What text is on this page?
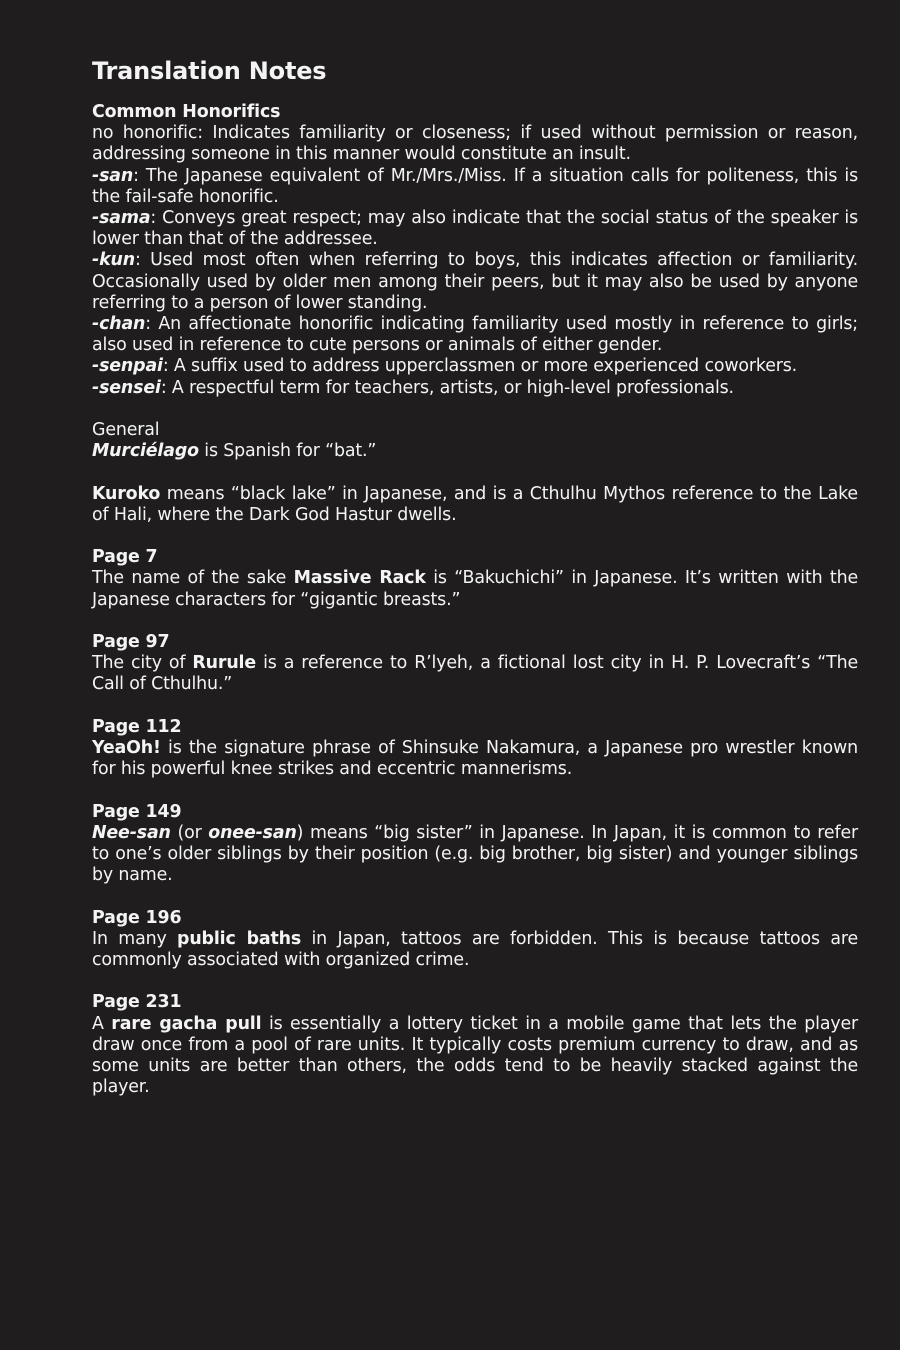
Translation Notes
Common Honorifics
no honorific: Indicates familiarity or closeness; if used without permission or reason, addressing someone in this manner would constitute an insult.
-san: The Japanese equivalent of Mr./Mrs./Miss. If a situation calls for politeness, this is the fail-safe honorific.
-sama: Conveys great respect; may also indicate that the social status of the speaker is lower than that of the addressee.
-kun: Used most often when referring to boys, this indicates affection or familiarity. Occasionally used by older men among their peers, but it may also be used by anyone referring to a person of lower standing.
-chan: An affectionate honorific indicating familiarity used mostly in reference to girls; also used in reference to cute persons or animals of either gender.
-senpai: A suffix used to address upperclassmen or more experienced coworkers.
-sensei: A respectful term for teachers, artists, or high-level professionals.
General
Murciélago is Spanish for “bat.”
Kuroko means “black lake” in Japanese, and is a Cthulhu Mythos reference to the Lake of Hali, where the Dark God Hastur dwells.
Page 7
The name of the sake Massive Rack is “Bakuchichi” in Japanese. It’s written with the Japanese characters for “gigantic breasts.”
Page 97
The city of Rurule is a reference to R’lyeh, a fictional lost city in H. P. Lovecraft’s “The Call of Cthulhu.”
Page 112
YeaOh! is the signature phrase of Shinsuke Nakamura, a Japanese pro wrestler known for his powerful knee strikes and eccentric mannerisms.
Page 149
Nee-san (or onee-san) means “big sister” in Japanese. In Japan, it is common to refer to one’s older siblings by their position (e.g. big brother, big sister) and younger siblings by name.
Page 196
In many public baths in Japan, tattoos are forbidden. This is because tattoos are commonly associated with organized crime.
Page 231
A rare gacha pull is essentially a lottery ticket in a mobile game that lets the player draw once from a pool of rare units. It typically costs premium currency to draw, and as some units are better than others, the odds tend to be heavily stacked against the player.
